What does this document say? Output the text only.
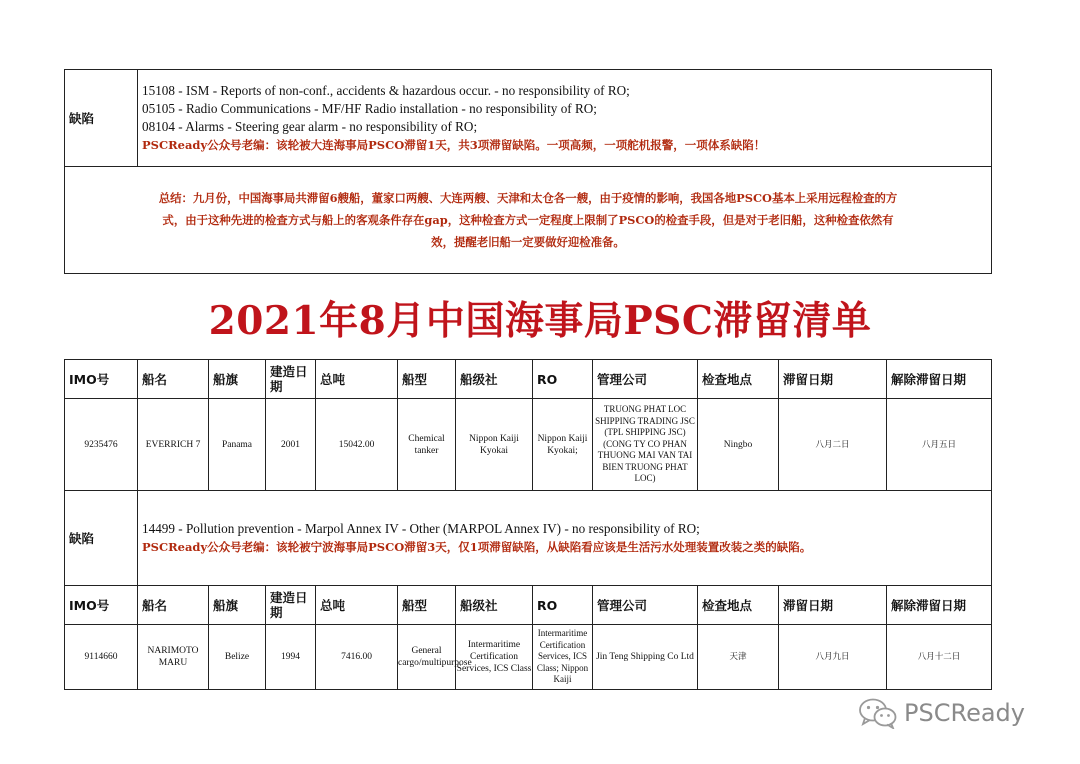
缺陷	
15108 - ISM - Reports of non-conf., accidents & hazardous occur. - no responsibility of RO;
05105 - Radio Communications - MF/HF Radio installation - no responsibility of RO;
08104 - Alarms - Steering gear alarm - no responsibility of RO;
PSCReady公众号老编：该轮被大连海事局PSCO滞留1天，共3项滞留缺陷。一项高频，一项舵机报警，一项体系缺陷！

总结：九月份，中国海事局共滞留6艘船，董家口两艘、大连两艘、天津和太仓各一艘，由于疫情的影响，我国各地PSCO基本上采用远程检查的方
式，由于这种先进的检查方式与船上的客观条件存在gap，这种检查方式一定程度上限制了PSCO的检查手段，但是对于老旧船，这种检查依然有
效，提醒老旧船一定要做好迎检准备。
2021年8月中国海事局PSC滞留清单
IMO号	船名	船旗	建造日期	总吨	船型	船级社	RO	管理公司	检查地点	滞留日期	解除滞留日期
9235476	EVERRICH 7	Panama	2001	15042.00	Chemical tanker	Nippon Kaiji Kyokai	Nippon Kaiji Kyokai;	TRUONG PHAT LOC SHIPPING TRADING JSC (TPL SHIPPING JSC) (CONG TY CO PHAN THUONG MAI VAN TAI BIEN TRUONG PHAT LOC)	Ningbo	八月二日	八月五日
缺陷	14499 - Pollution prevention - Marpol Annex IV - Other (MARPOL Annex IV) - no responsibility of RO;
PSCReady公众号老编：该轮被宁波海事局PSCO滞留3天，仅1项滞留缺陷，从缺陷看应该是生活污水处理装置改装之类的缺陷。										

IMO号	船名	船旗	建造日期	总吨	船型	船级社	RO	管理公司	检查地点	滞留日期	解除滞留日期
9114660	NARIMOTO MARU	Belize	1994	7416.00	General cargo/multipurpose	Intermaritime Certification Services, ICS Class	Intermaritime Certification Services, ICS Class; Nippon Kaiji	Jin Teng Shipping Co Ltd	天津	八月九日	八月十二日
PSCReady
